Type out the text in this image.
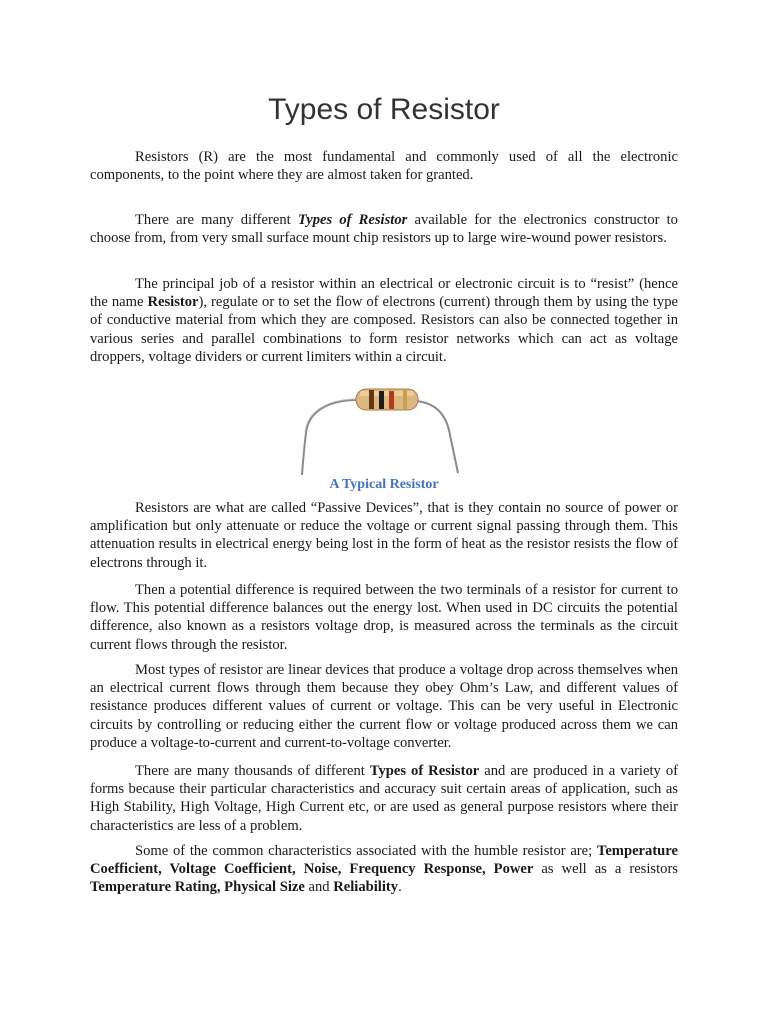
Types of Resistor

Resistors (R) are the most fundamental and commonly used of all the electronic components, to the point where they are almost taken for granted.

There are many different Types of Resistor available for the electronics constructor to choose from, from very small surface mount chip resistors up to large wire-wound power resistors.

The principal job of a resistor within an electrical or electronic circuit is to “resist” (hence the name Resistor), regulate or to set the flow of electrons (current) through them by using the type of conductive material from which they are composed. Resistors can also be connected together in various series and parallel combinations to form resistor networks which can act as voltage droppers, voltage dividers or current limiters within a circuit.

A Typical Resistor

Resistors are what are called “Passive Devices”, that is they contain no source of power or amplification but only attenuate or reduce the voltage or current signal passing through them. This attenuation results in electrical energy being lost in the form of heat as the resistor resists the flow of electrons through it.

Then a potential difference is required between the two terminals of a resistor for current to flow. This potential difference balances out the energy lost. When used in DC circuits the potential difference, also known as a resistors voltage drop, is measured across the terminals as the circuit current flows through the resistor.

Most types of resistor are linear devices that produce a voltage drop across themselves when an electrical current flows through them because they obey Ohm’s Law, and different values of resistance produces different values of current or voltage. This can be very useful in Electronic circuits by controlling or reducing either the current flow or voltage produced across them we can produce a voltage-to-current and current-to-voltage converter.

There are many thousands of different Types of Resistor and are produced in a variety of forms because their particular characteristics and accuracy suit certain areas of application, such as High Stability, High Voltage, High Current etc, or are used as general purpose resistors where their characteristics are less of a problem.

Some of the common characteristics associated with the humble resistor are; Temperature Coefficient, Voltage Coefficient, Noise, Frequency Response, Power as well as a resistors Temperature Rating, Physical Size and Reliability.
